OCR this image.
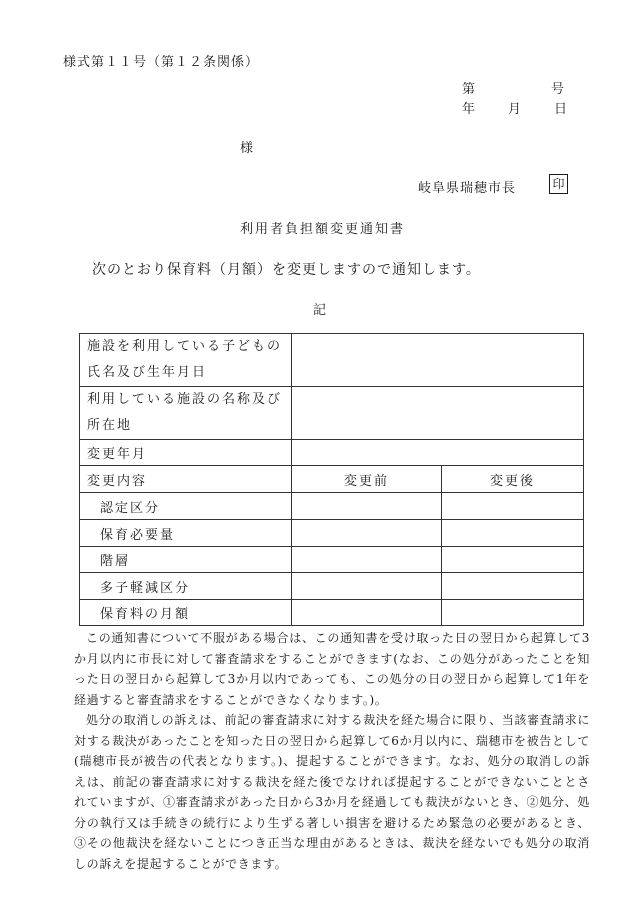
様式第１１号（第１２条関係）
第	号
年	月	日
様
岐阜県瑞穂市長	印
利用者負担額変更通知書
次のとおり保育料（月額）を変更しますので通知します。
記
施設を利用している子どもの氏名及び生年月日		
利用している施設の名称及び所在地		
変更年月		
変更内容	変更前	変更後
認定区分		
保育必要量		
階層		
多子軽減区分		
保育料の月額		

この通知書について不服がある場合は、この通知書を受け取った日の翌日から起算して3か月以内に市長に対して審査請求をすることができます(なお、この処分があったことを知った日の翌日から起算して3か月以内であっても、この処分の日の翌日から起算して1年を経過すると審査請求をすることができなくなります。)。

処分の取消しの訴えは、前記の審査請求に対する裁決を経た場合に限り、当該審査請求に対する裁決があったことを知った日の翌日から起算して6か月以内に、瑞穂市を被告として(瑞穂市長が被告の代表となります。)、提起することができます。なお、処分の取消しの訴えは、前記の審査請求に対する裁決を経た後でなければ提起することができないこととされていますが、①審査請求があった日から3か月を経過しても裁決がないとき、②処分、処分の執行又は手続きの続行により生ずる著しい損害を避けるため緊急の必要があるとき、③その他裁決を経ないことにつき正当な理由があるときは、裁決を経ないでも処分の取消しの訴えを提起することができます。
